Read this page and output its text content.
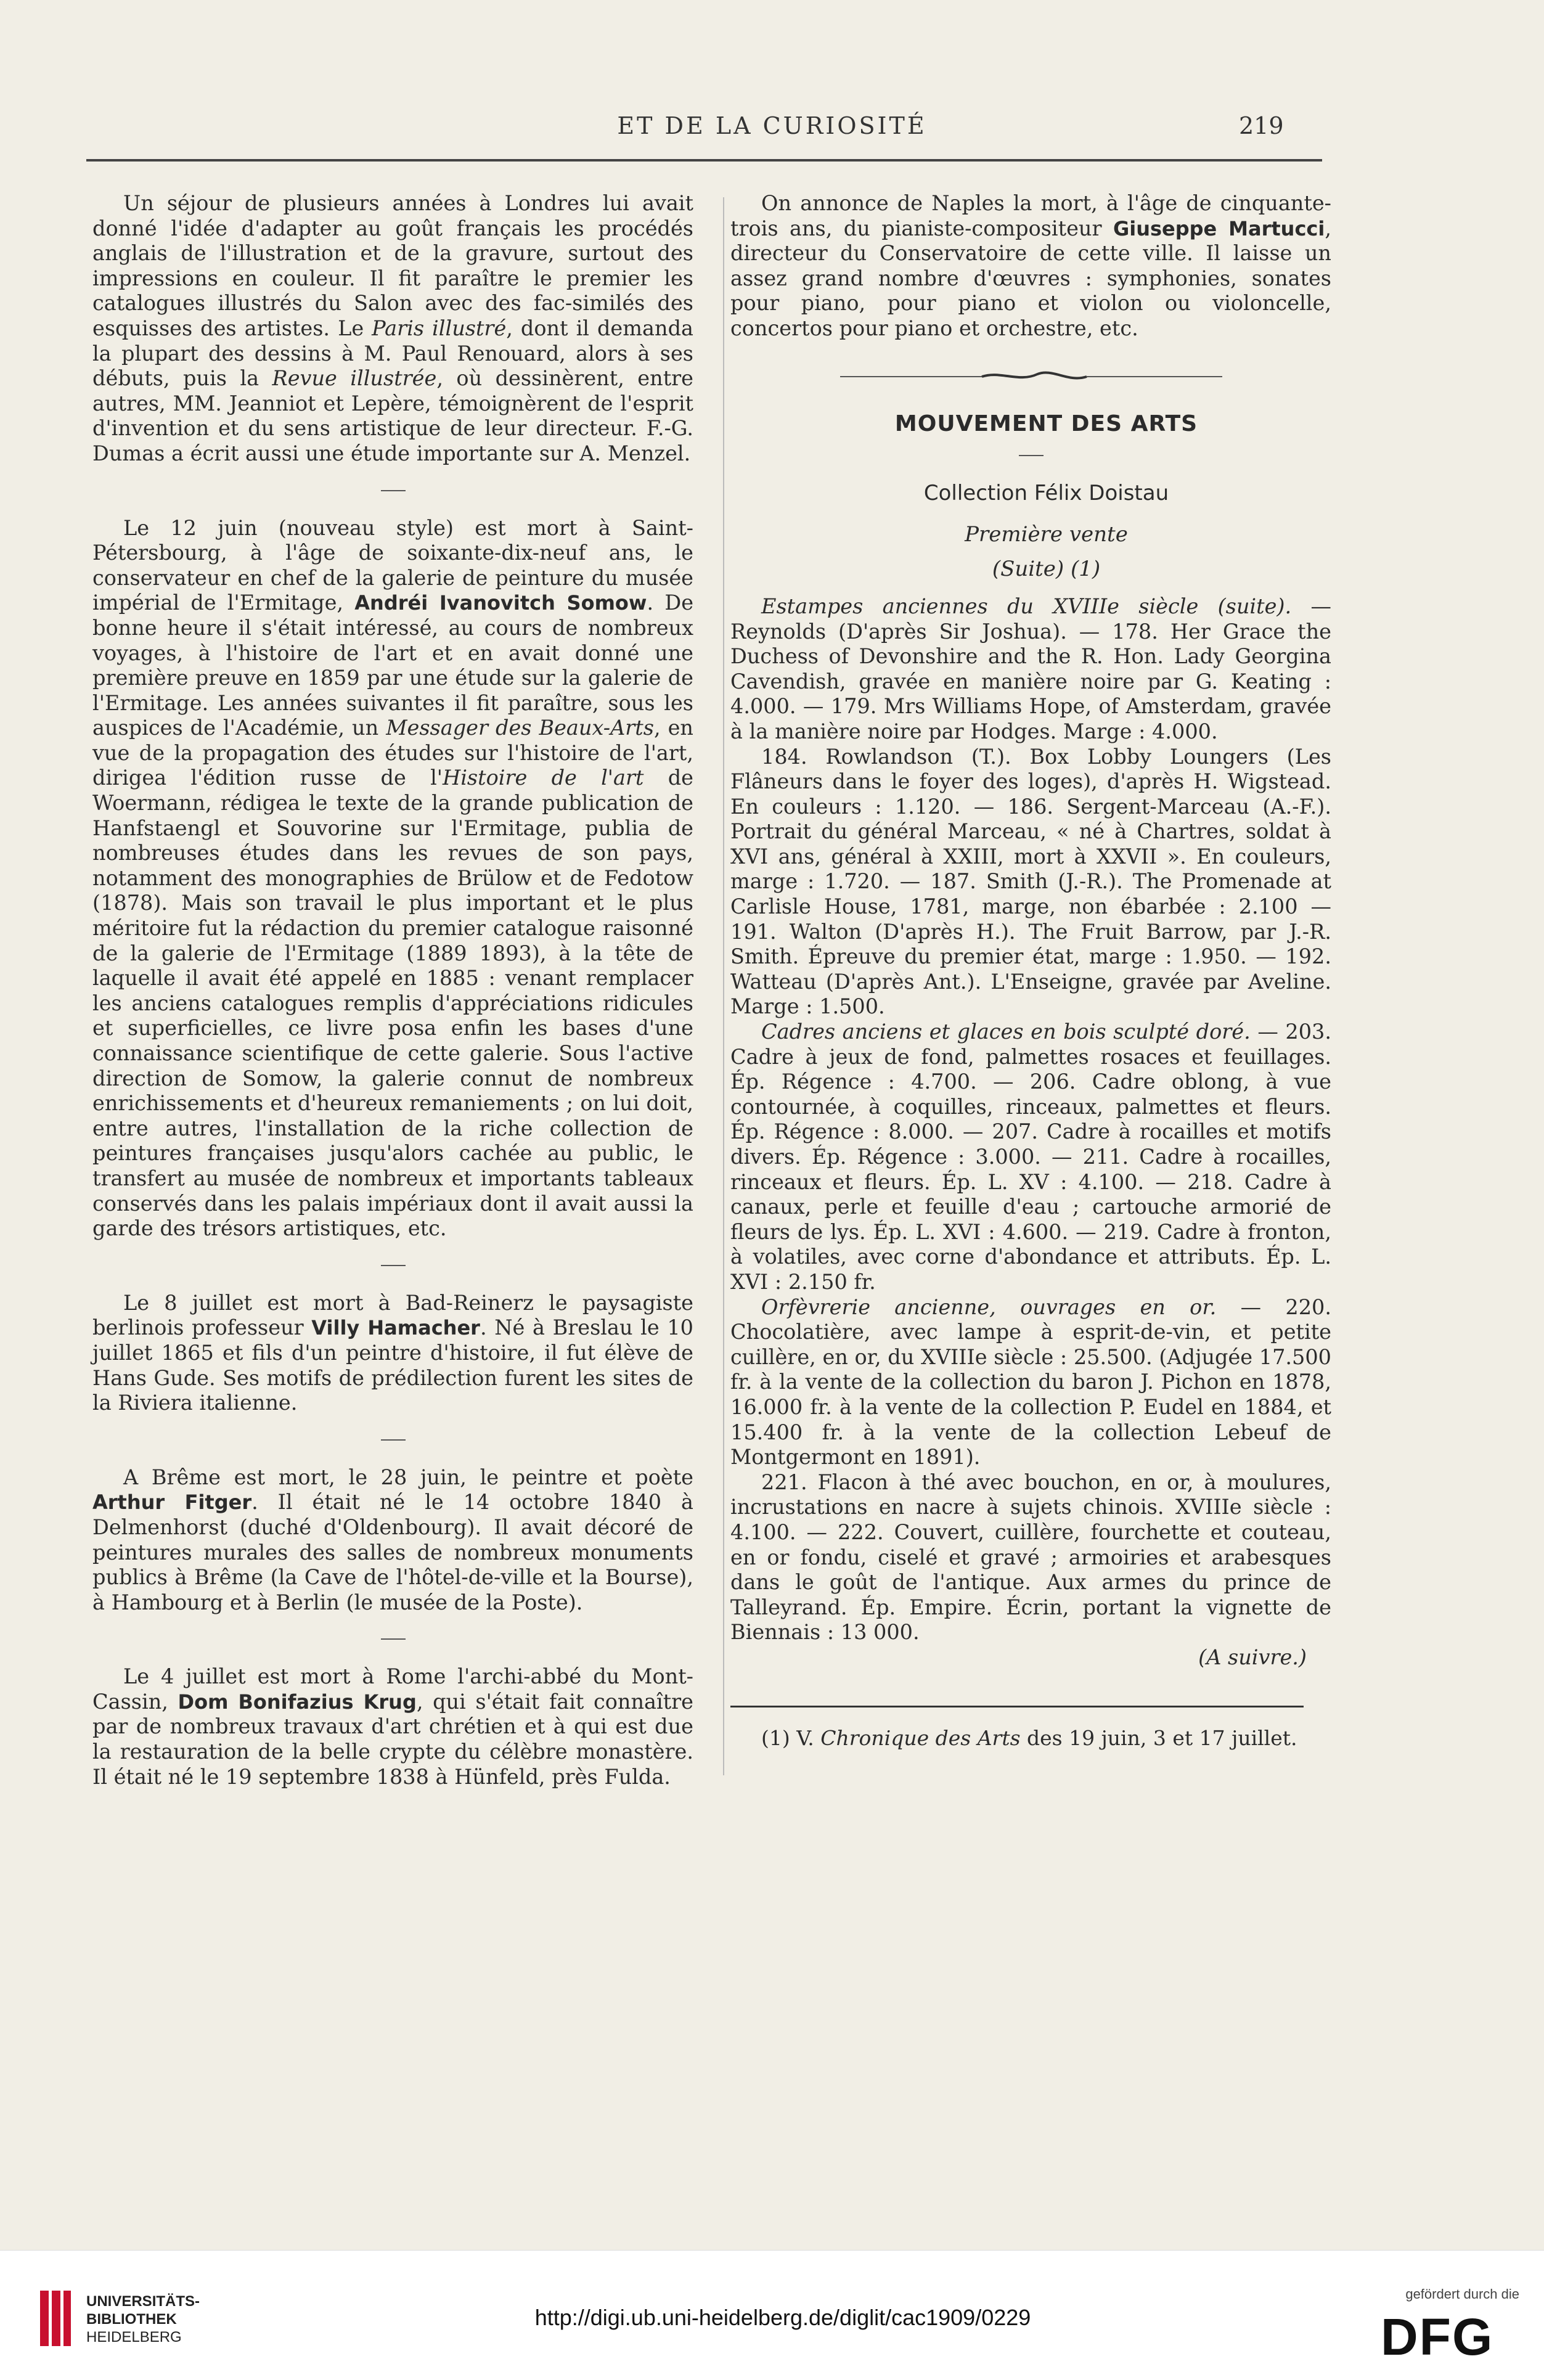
ET DE LA CURIOSITÉ	219

Un séjour de plusieurs années à Londres lui avait donné l'idée d'adapter au goût français les procédés anglais de l'illustration et de la gravure, surtout des impressions en couleur. Il fit paraître le premier les catalogues illustrés du Salon avec des fac-similés des esquisses des artistes. Le Paris illustré, dont il demanda la plupart des dessins à M. Paul Renouard, alors à ses débuts, puis la Revue illustrée, où dessinèrent, entre autres, MM. Jeanniot et Lepère, témoignèrent de l'esprit d'invention et du sens artistique de leur directeur. F.-G. Dumas a écrit aussi une étude importante sur A. Menzel.

Le 12 juin (nouveau style) est mort à Saint-Pétersbourg, à l'âge de soixante-dix-neuf ans, le conservateur en chef de la galerie de peinture du musée impérial de l'Ermitage, Andréi Ivanovitch Somow. De bonne heure il s'était intéressé, au cours de nombreux voyages, à l'histoire de l'art et en avait donné une première preuve en 1859 par une étude sur la galerie de l'Ermitage. Les années suivantes il fit paraître, sous les auspices de l'Académie, un Messager des Beaux-Arts, en vue de la propagation des études sur l'histoire de l'art, dirigea l'édition russe de l'Histoire de l'art de Woermann, rédigea le texte de la grande publication de Hanfstaengl et Souvorine sur l'Ermitage, publia de nombreuses études dans les revues de son pays, notamment des monographies de Brülow et de Fedotow (1878). Mais son travail le plus important et le plus méritoire fut la rédaction du premier catalogue raisonné de la galerie de l'Ermitage (1889 1893), à la tête de laquelle il avait été appelé en 1885 : venant remplacer les anciens catalogues remplis d'appréciations ridicules et superficielles, ce livre posa enfin les bases d'une connaissance scientifique de cette galerie. Sous l'active direction de Somow, la galerie connut de nombreux enrichissements et d'heureux remaniements ; on lui doit, entre autres, l'installation de la riche collection de peintures françaises jusqu'alors cachée au public, le transfert au musée de nombreux et importants tableaux conservés dans les palais impériaux dont il avait aussi la garde des trésors artistiques, etc.

Le 8 juillet est mort à Bad-Reinerz le paysagiste berlinois professeur Villy Hamacher. Né à Breslau le 10 juillet 1865 et fils d'un peintre d'histoire, il fut élève de Hans Gude. Ses motifs de prédilection furent les sites de la Riviera italienne.

A Brême est mort, le 28 juin, le peintre et poète Arthur Fitger. Il était né le 14 octobre 1840 à Delmenhorst (duché d'Oldenbourg). Il avait décoré de peintures murales des salles de nombreux monuments publics à Brême (la Cave de l'hôtel-de-ville et la Bourse), à Hambourg et à Berlin (le musée de la Poste).

Le 4 juillet est mort à Rome l'archi-abbé du Mont-Cassin, Dom Bonifazius Krug, qui s'était fait connaître par de nombreux travaux d'art chrétien et à qui est due la restauration de la belle crypte du célèbre monastère. Il était né le 19 septembre 1838 à Hünfeld, près Fulda.

On annonce de Naples la mort, à l'âge de cinquante-trois ans, du pianiste-compositeur Giuseppe Martucci, directeur du Conservatoire de cette ville. Il laisse un assez grand nombre d'œuvres : symphonies, sonates pour piano, pour piano et violon ou violoncelle, concertos pour piano et orchestre, etc.

MOUVEMENT DES ARTS

Collection Félix Doistau

Première vente

(Suite) (1)

Estampes anciennes du XVIIIe siècle (suite). — Reynolds (D'après Sir Joshua). — 178. Her Grace the Duchess of Devonshire and the R. Hon. Lady Georgina Cavendish, gravée en manière noire par G. Keating : 4.000. — 179. Mrs Williams Hope, of Amsterdam, gravée à la manière noire par Hodges. Marge : 4.000.

184. Rowlandson (T.). Box Lobby Loungers (Les Flâneurs dans le foyer des loges), d'après H. Wigstead. En couleurs : 1.120. — 186. Sergent-Marceau (A.-F.). Portrait du général Marceau, « né à Chartres, soldat à XVI ans, général à XXIII, mort à XXVII ». En couleurs, marge : 1.720. — 187. Smith (J.-R.). The Promenade at Carlisle House, 1781, marge, non ébarbée : 2.100 — 191. Walton (D'après H.). The Fruit Barrow, par J.-R. Smith. Épreuve du premier état, marge : 1.950. — 192. Watteau (D'après Ant.). L'Enseigne, gravée par Aveline. Marge : 1.500.

Cadres anciens et glaces en bois sculpté doré. — 203. Cadre à jeux de fond, palmettes rosaces et feuillages. Ép. Régence : 4.700. — 206. Cadre oblong, à vue contournée, à coquilles, rinceaux, palmettes et fleurs. Ép. Régence : 8.000. — 207. Cadre à rocailles et motifs divers. Ép. Régence : 3.000. — 211. Cadre à rocailles, rinceaux et fleurs. Ép. L. XV : 4.100. — 218. Cadre à canaux, perle et feuille d'eau ; cartouche armorié de fleurs de lys. Ép. L. XVI : 4.600. — 219. Cadre à fronton, à volatiles, avec corne d'abondance et attributs. Ép. L. XVI : 2.150 fr.

Orfèvrerie ancienne, ouvrages en or. — 220. Chocolatière, avec lampe à esprit-de-vin, et petite cuillère, en or, du XVIIIe siècle : 25.500. (Adjugée 17.500 fr. à la vente de la collection du baron J. Pichon en 1878, 16.000 fr. à la vente de la collection P. Eudel en 1884, et 15.400 fr. à la vente de la collection Lebeuf de Montgermont en 1891).

221. Flacon à thé avec bouchon, en or, à moulures, incrustations en nacre à sujets chinois. XVIIIe siècle : 4.100. — 222. Couvert, cuillère, fourchette et couteau, en or fondu, ciselé et gravé ; armoiries et arabesques dans le goût de l'antique. Aux armes du prince de Talleyrand. Ép. Empire. Écrin, portant la vignette de Biennais : 13 000.

(A suivre.)

(1) V. Chronique des Arts des 19 juin, 3 et 17 juillet.

UNIVERSITÄTS-
BIBLIOTHEK
HEIDELBERG
http://digi.ub.uni-heidelberg.de/diglit/cac1909/0229
gefördert durch die
DFG
